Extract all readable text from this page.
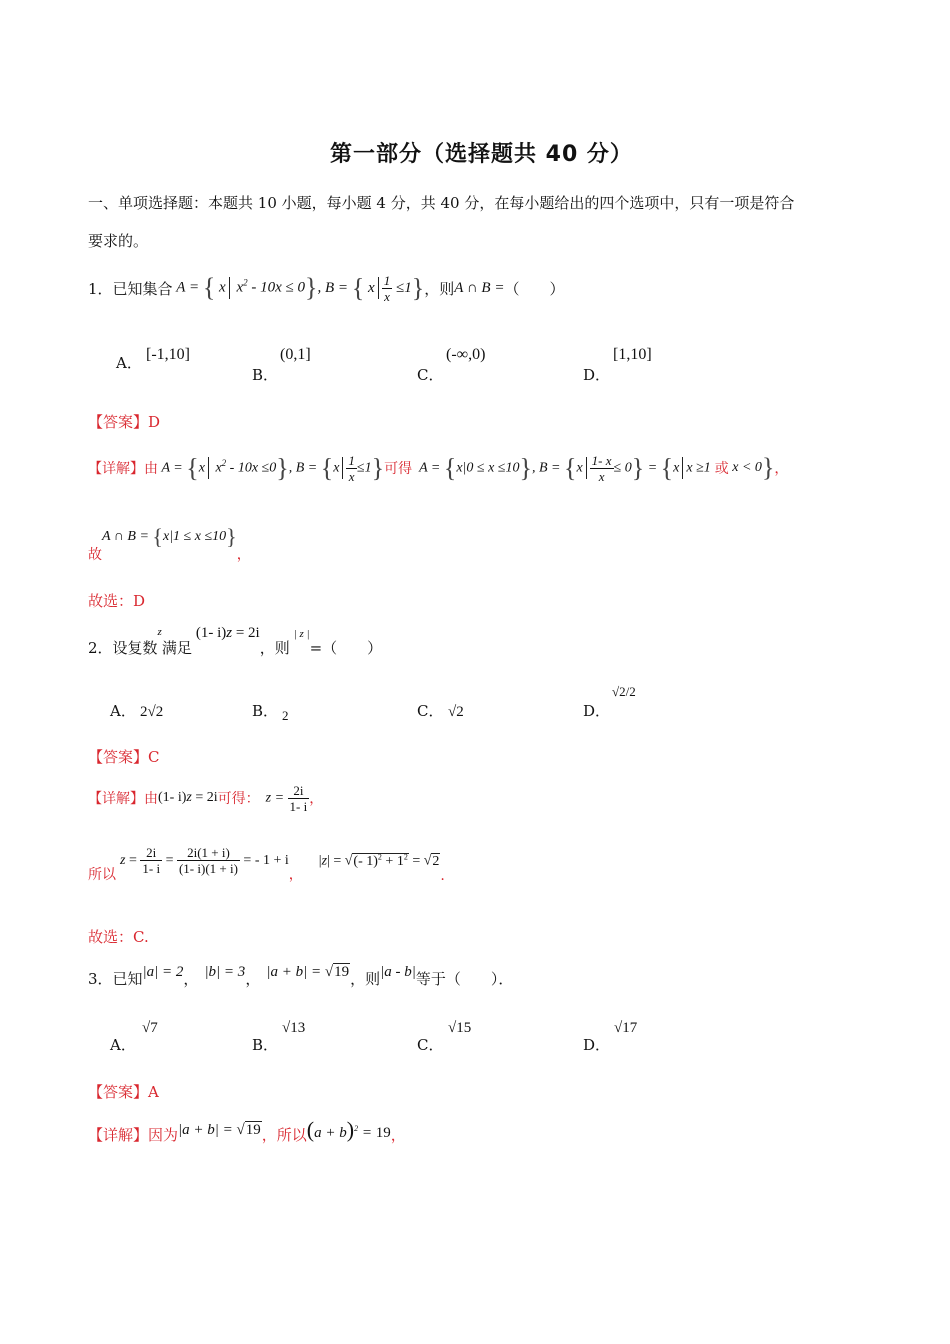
第一部分（选择题共 40 分）
一、单项选择题：本题共 10 小题，每小题 4 分，共 40 分，在每小题给出的四个选项中，只有一项是符合
要求的。
1．已知集合 A = { x $x^2 - 10x \le 0$}, B = { x $\frac{1}{x} \le 1$} ，则 A ∩ B = （　　）
A． [-1,10]
B．
(0,1]
C．
(-∞,0)
D．
[1,10]
【答案】D
【详解】 由 A = {x $x^2 - 10x \le 0$}, $B = \{x \frac{1}{x} \le 1\}$ 可得 A = {x|0 ≤ x ≤10}, $B = \{x \frac{1- x}{x} \le 0\} = \{x$ x ≥1 或 x < 0} ，
故
A ∩ B = {x|1 ≤ x ≤10}
，
故选：D
2．设复数
z
满足
(1- i)z = 2i
，则
| z |
=（　　）
A． 2√2	B． 2	C． √2	D．
√2/2
【答案】C
【详解】 由 (1- i)z = 2i 可得： $z = \frac{2i}{1- i}$ ，
所以
$z = \frac{2i}{1- i} = \frac{2i(1 + i)}{(1- i)(1 + i)}$ = - 1 + i
，
|z| = √(- $1)^2 + 1^2 = √2$
.
故选：C.
3．已知 |a| = 2 ， |b| = 3 ， |a + b| = √19 ，则 |a - b| 等于（　　）．
A．
√7
B．
√13
C．
√15
D．
√17
【答案】A
【详解】 因为 |a + b| = √19 ，所以 $(a + b)^2 = 19$ ，
